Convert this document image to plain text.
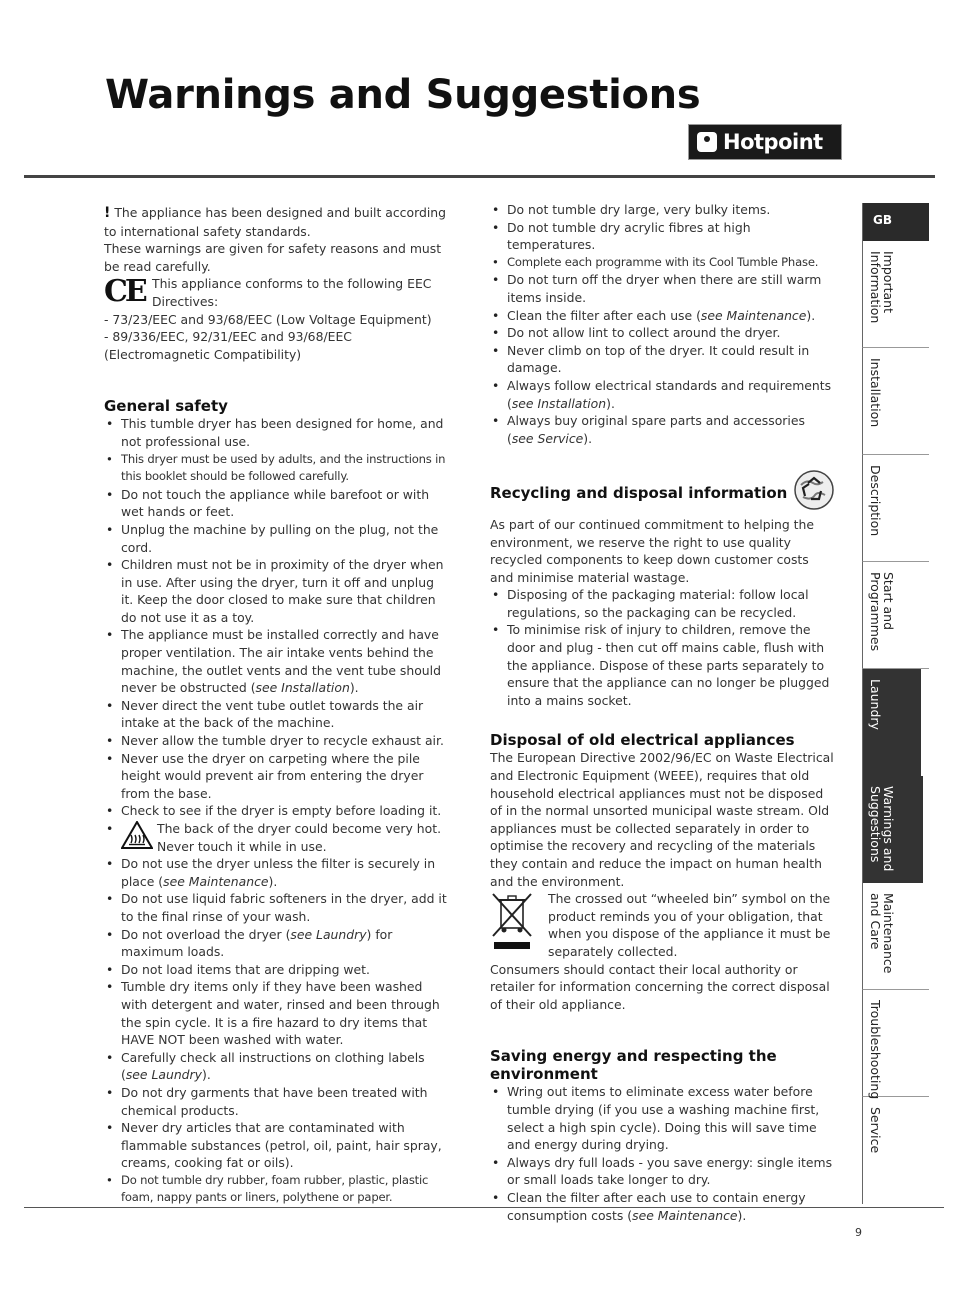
Warnings and Suggestions
Hotpoint

! The appliance has been designed and built according to international safety standards.

These warnings are given for safety reasons and must be read carefully.

CE This appliance conforms to the following EEC Directives:

- 73/23/EEC and 93/68/EEC (Low Voltage Equipment)

- 89/336/EEC, 92/31/EEC and 93/68/EEC (Electromagnetic Compatibility)

General safety
• This tumble dryer has been designed for home, and not professional use.
• This dryer must be used by adults, and the instructions in this booklet should be followed carefully.
• Do not touch the appliance while barefoot or with wet hands or feet.
• Unplug the machine by pulling on the plug, not the cord.
• Children must not be in proximity of the dryer when in use. After using the dryer, turn it off and unplug it. Keep the door closed to make sure that children do not use it as a toy.
• The appliance must be installed correctly and have proper ventilation. The air intake vents behind the machine, the outlet vents and the vent tube should never be obstructed (see Installation).
• Never direct the vent tube outlet towards the air intake at the back of the machine.
• Never allow the tumble dryer to recycle exhaust air.
• Never use the dryer on carpeting where the pile height would prevent air from entering the dryer from the base.
• Check to see if the dryer is empty before loading it.
• The back of the dryer could become very hot. Never touch it while in use.
• Do not use the dryer unless the filter is securely in place (see Maintenance).
• Do not use liquid fabric softeners in the dryer, add it to the final rinse of your wash.
• Do not overload the dryer (see Laundry) for maximum loads.
• Do not load items that are dripping wet.
• Tumble dry items only if they have been washed with detergent and water, rinsed and been through the spin cycle. It is a fire hazard to dry items that HAVE NOT been washed with water.
• Carefully check all instructions on clothing labels (see Laundry).
• Do not dry garments that have been treated with chemical products.
• Never dry articles that are contaminated with flammable substances (petrol, oil, paint, hair spray, creams, cooking fat or oils).
• Do not tumble dry rubber, foam rubber, plastic, plastic foam, nappy pants or liners, polythene or paper.
• Do not tumble dry large, very bulky items.
• Do not tumble dry acrylic fibres at high temperatures.
• Complete each programme with its Cool Tumble Phase.
• Do not turn off the dryer when there are still warm items inside.
• Clean the filter after each use (see Maintenance).
• Do not allow lint to collect around the dryer.
• Never climb on top of the dryer. It could result in damage.
• Always follow electrical standards and requirements (see Installation).
• Always buy original spare parts and accessories (see Service).
Recycling and disposal information

As part of our continued commitment to helping the environment, we reserve the right to use quality recycled components to keep down customer costs and minimise material wastage.

• Disposing of the packaging material: follow local regulations, so the packaging can be recycled.
• To minimise risk of injury to children, remove the door and plug - then cut off mains cable, flush with the appliance. Dispose of these parts separately to ensure that the appliance can no longer be plugged into a mains socket.
Disposal of old electrical appliances

The European Directive 2002/96/EC on Waste Electrical and Electronic Equipment (WEEE), requires that old household electrical appliances must not be disposed of in the normal unsorted municipal waste stream. Old appliances must be collected separately in order to optimise the recovery and recycling of the materials they contain and reduce the impact on human health and the environment.

The crossed out “wheeled bin” symbol on the product reminds you of your obligation, that when you dispose of the appliance it must be separately collected.

Consumers should contact their local authority or retailer for information concerning the correct disposal of their old appliance.

Saving energy and respecting the environment
• Wring out items to eliminate excess water before tumble drying (if you use a washing machine first, select a high spin cycle). Doing this will save time and energy during drying.
• Always dry full loads - you save energy: single items or small loads take longer to dry.
• Clean the filter after each use to contain energy consumption costs (see Maintenance).
GB
Important
Information
Installation
Description
Start and
Programmes
Laundry
Warnings and
Suggestions
Maintenance
and Care
Troubleshooting
Service
9
